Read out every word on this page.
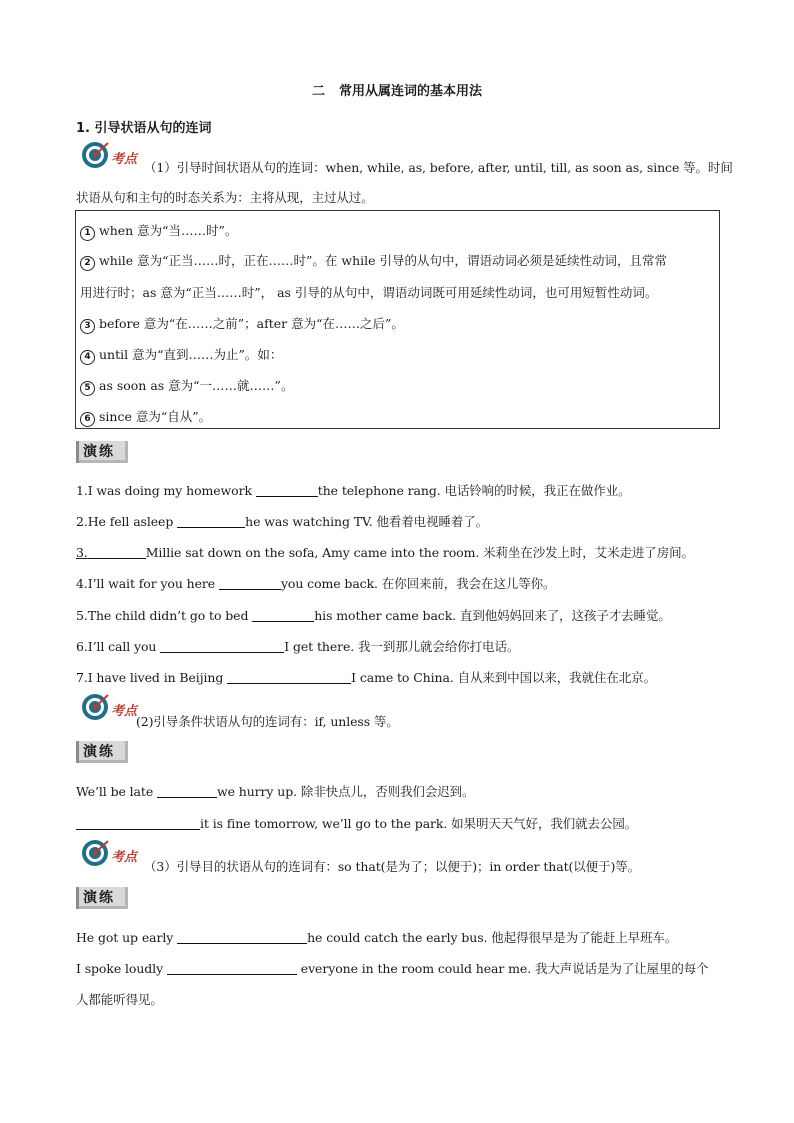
二 常用从属连词的基本用法
1. 引导状语从句的连词
考点
（1）引导时间状语从句的连词：when, while, as, before, after, until, till, as soon as, since 等。时间
状语从句和主句的时态关系为：主将从现，主过从过。
1 when 意为“当……时”。
2 while 意为“正当……时，正在……时”。在 while 引导的从句中，谓语动词必须是延续性动词，且常常
用进行时；as 意为“正当……时”， as 引导的从句中，谓语动词既可用延续性动词，也可用短暂性动词。
3 before 意为“在……之前”；after 意为“在……之后”。
4 until 意为“直到……为止”。如：
5 as soon as 意为“一……就……”。
6 since 意为“自从”。
演练
1.I was doing my homework	the telephone rang. 电话铃响的时候，我正在做作业。
2.He fell asleep	he was watching TV. 他看着电视睡着了。
3.	Millie sat down on the sofa, Amy came into the room. 米莉坐在沙发上时，艾米走进了房间。
4.I’ll wait for you here	you come back. 在你回来前，我会在这儿等你。
5.The child didn’t go to bed	his mother came back. 直到他妈妈回来了，这孩子才去睡觉。
6.I’ll call you	I get there. 我一到那儿就会给你打电话。
7.I have lived in Beijing	I came to China. 自从来到中国以来，我就住在北京。
考点
(2)引导条件状语从句的连词有：if, unless 等。
演练
We’ll be late	we hurry up. 除非快点儿，否则我们会迟到。
it is fine tomorrow, we’ll go to the park. 如果明天天气好，我们就去公园。
考点
（3）引导目的状语从句的连词有：so that(是为了；以便于)；in order that(以便于)等。
演练
He got up early	he could catch the early bus. 他起得很早是为了能赶上早班车。
I spoke loudly	everyone in the room could hear me. 我大声说话是为了让屋里的每个
人都能听得见。
